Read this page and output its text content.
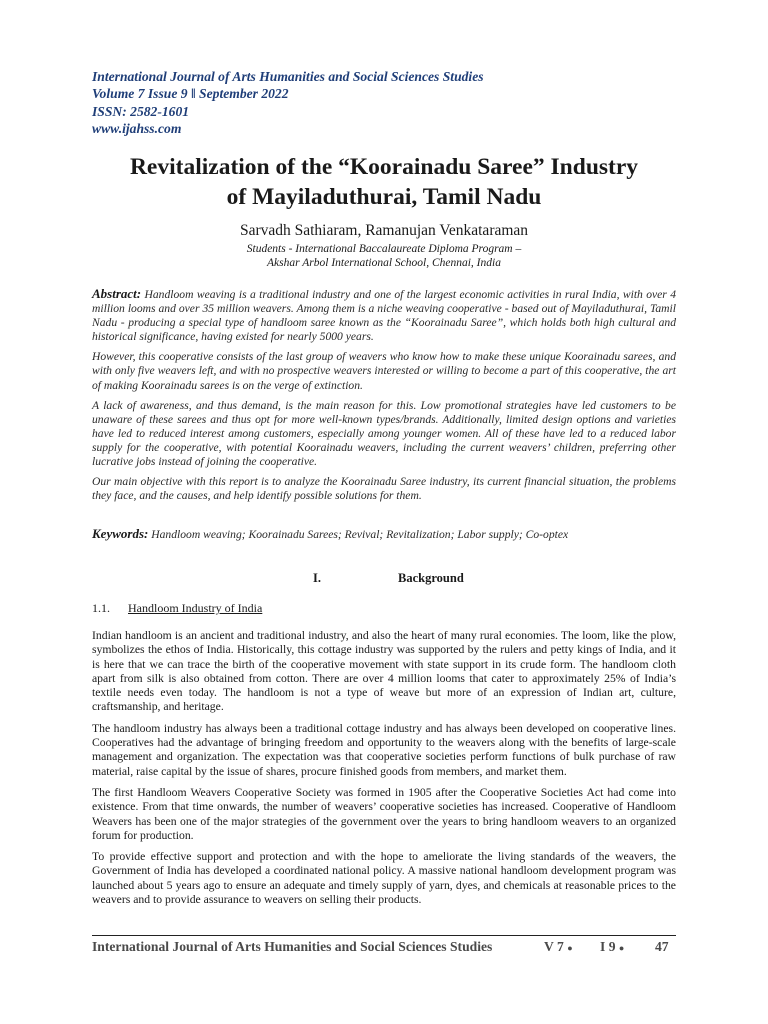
International Journal of Arts Humanities and Social Sciences Studies
Volume 7 Issue 9 ‖ September 2022
ISSN: 2582-1601
www.ijahss.com
Revitalization of the “Koorainadu Saree” Industry
of Mayiladuthurai, Tamil Nadu
Sarvadh Sathiaram, Ramanujan Venkataraman
Students - International Baccalaureate Diploma Program –
Akshar Arbol International School, Chennai, India

Abstract: Handloom weaving is a traditional industry and one of the largest economic activities in rural India, with over 4 million looms and over 35 million weavers. Among them is a niche weaving cooperative - based out of Mayiladuthurai, Tamil Nadu - producing a special type of handloom saree known as the “Koorainadu Saree”, which holds both high cultural and historical significance, having existed for nearly 5000 years.

However, this cooperative consists of the last group of weavers who know how to make these unique Koorainadu sarees, and with only five weavers left, and with no prospective weavers interested or willing to become a part of this cooperative, the art of making Koorainadu sarees is on the verge of extinction.

A lack of awareness, and thus demand, is the main reason for this. Low promotional strategies have led customers to be unaware of these sarees and thus opt for more well-known types/brands. Additionally, limited design options and varieties have led to reduced interest among customers, especially among younger women. All of these have led to a reduced labor supply for the cooperative, with potential Koorainadu weavers, including the current weavers’ children, preferring other lucrative jobs instead of joining the cooperative.

Our main objective with this report is to analyze the Koorainadu Saree industry, its current financial situation, the problems they face, and the causes, and help identify possible solutions for them.

Keywords: Handloom weaving; Koorainadu Sarees; Revival; Revitalization; Labor supply; Co-optex
I.	Background
1.1. Handloom Industry of India

Indian handloom is an ancient and traditional industry, and also the heart of many rural economies. The loom, like the plow, symbolizes the ethos of India. Historically, this cottage industry was supported by the rulers and petty kings of India, and it is here that we can trace the birth of the cooperative movement with state support in its crude form. The handloom cloth apart from silk is also obtained from cotton. There are over 4 million looms that cater to approximately 25% of India’s textile needs even today. The handloom is not a type of weave but more of an expression of Indian art, culture, craftsmanship, and heritage.

The handloom industry has always been a traditional cottage industry and has always been developed on cooperative lines. Cooperatives had the advantage of bringing freedom and opportunity to the weavers along with the benefits of large-scale management and organization. The expectation was that cooperative societies perform functions of bulk purchase of raw material, raise capital by the issue of shares, procure finished goods from members, and market them.

The first Handloom Weavers Cooperative Society was formed in 1905 after the Cooperative Societies Act had come into existence. From that time onwards, the number of weavers’ cooperative societies has increased. Cooperative of Handloom Weavers has been one of the major strategies of the government over the years to bring handloom weavers to an organized forum for production.

To provide effective support and protection and with the hope to ameliorate the living standards of the weavers, the Government of India has developed a coordinated national policy. A massive national handloom development program was launched about 5 years ago to ensure an adequate and timely supply of yarn, dyes, and chemicals at reasonable prices to the weavers and to provide assurance to weavers on selling their products.

International Journal of Arts Humanities and Social Sciences Studies	V 7 ● I 9 ● 47
